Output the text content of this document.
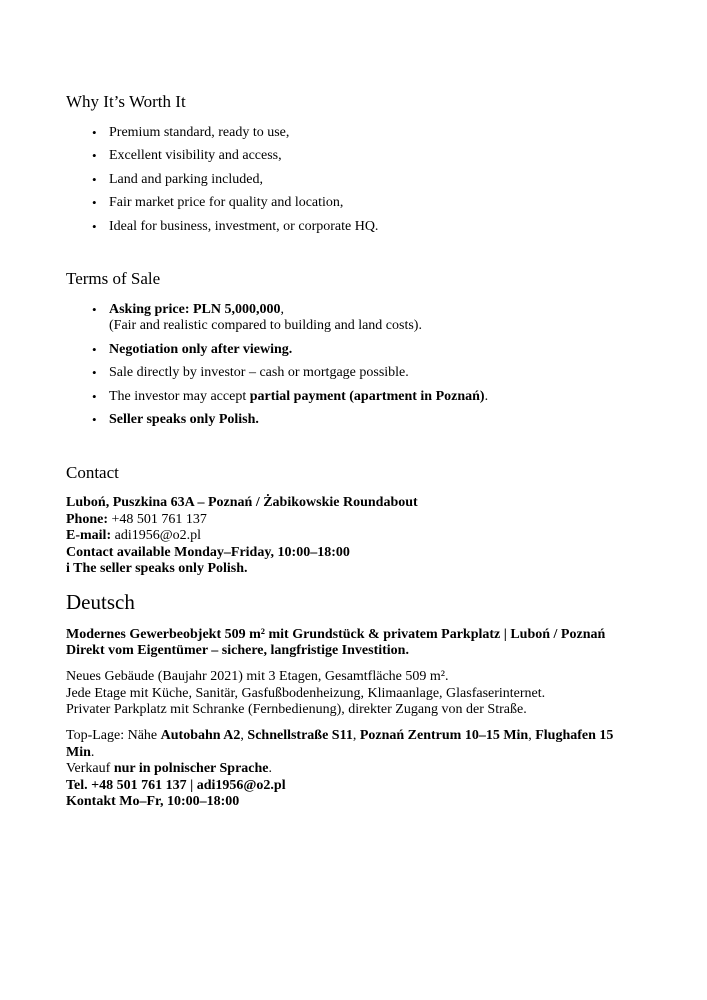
Why It’s Worth It
• Premium standard, ready to use,
• Excellent visibility and access,
• Land and parking included,
• Fair market price for quality and location,
• Ideal for business, investment, or corporate HQ.
Terms of Sale
• Asking price: PLN 5,000,000,
(Fair and realistic compared to building and land costs).
• Negotiation only after viewing.
• Sale directly by investor – cash or mortgage possible.
• The investor may accept partial payment (apartment in Poznań).
• Seller speaks only Polish.
Contact

Luboń, Puszkina 63A – Poznań / Żabikowskie Roundabout
Phone: +48 501 761 137
E-mail: adi1956@o2.pl
Contact available Monday–Friday, 10:00–18:00
i The seller speaks only Polish.

Deutsch

Modernes Gewerbeobjekt 509 m² mit Grundstück & privatem Parkplatz | Luboń / Poznań
Direkt vom Eigentümer – sichere, langfristige Investition.

Neues Gebäude (Baujahr 2021) mit 3 Etagen, Gesamtfläche 509 m².
Jede Etage mit Küche, Sanitär, Gasfußbodenheizung, Klimaanlage, Glasfaserinternet.
Privater Parkplatz mit Schranke (Fernbedienung), direkter Zugang von der Straße.

Top-Lage: Nähe Autobahn A2, Schnellstraße S11, Poznań Zentrum 10–15 Min, Flughafen 15
Min.
Verkauf nur in polnischer Sprache.
Tel. +48 501 761 137 | adi1956@o2.pl
Kontakt Mo–Fr, 10:00–18:00
